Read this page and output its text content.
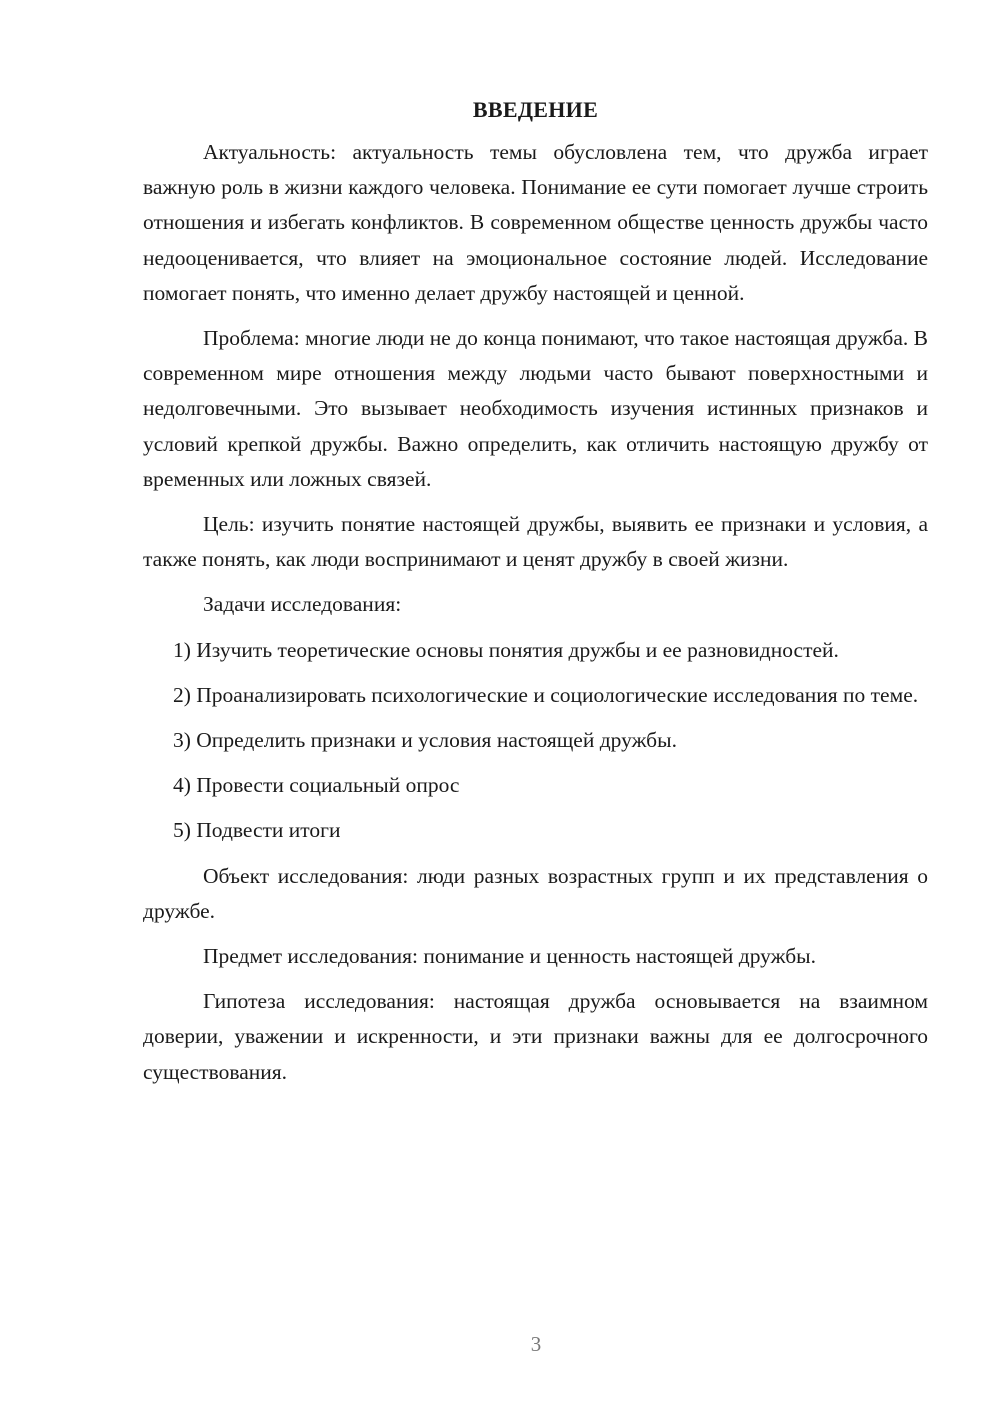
ВВЕДЕНИЕ

Актуальность: актуальность темы обусловлена тем, что дружба играет важную роль в жизни каждого человека. Понимание ее сути помогает лучше строить отношения и избегать конфликтов. В современном обществе ценность дружбы часто недооценивается, что влияет на эмоциональное состояние людей. Исследование помогает понять, что именно делает дружбу настоящей и ценной.

Проблема: многие люди не до конца понимают, что такое настоящая дружба. В современном мире отношения между людьми часто бывают поверхностными и недолговечными. Это вызывает необходимость изучения истинных признаков и условий крепкой дружбы. Важно определить, как отличить настоящую дружбу от временных или ложных связей.

Цель: изучить понятие настоящей дружбы, выявить ее признаки и условия, а также понять, как люди воспринимают и ценят дружбу в своей жизни.

Задачи исследования:

1) Изучить теоретические основы понятия дружбы и ее разновидностей.

2) Проанализировать психологические и социологические исследования по теме.

3) Определить признаки и условия настоящей дружбы.

4) Провести социальный опрос

5) Подвести итоги

Объект исследования: люди разных возрастных групп и их представления о дружбе.

Предмет исследования: понимание и ценность настоящей дружбы.

Гипотеза исследования: настоящая дружба основывается на взаимном доверии, уважении и искренности, и эти признаки важны для ее долгосрочного существования.

3
